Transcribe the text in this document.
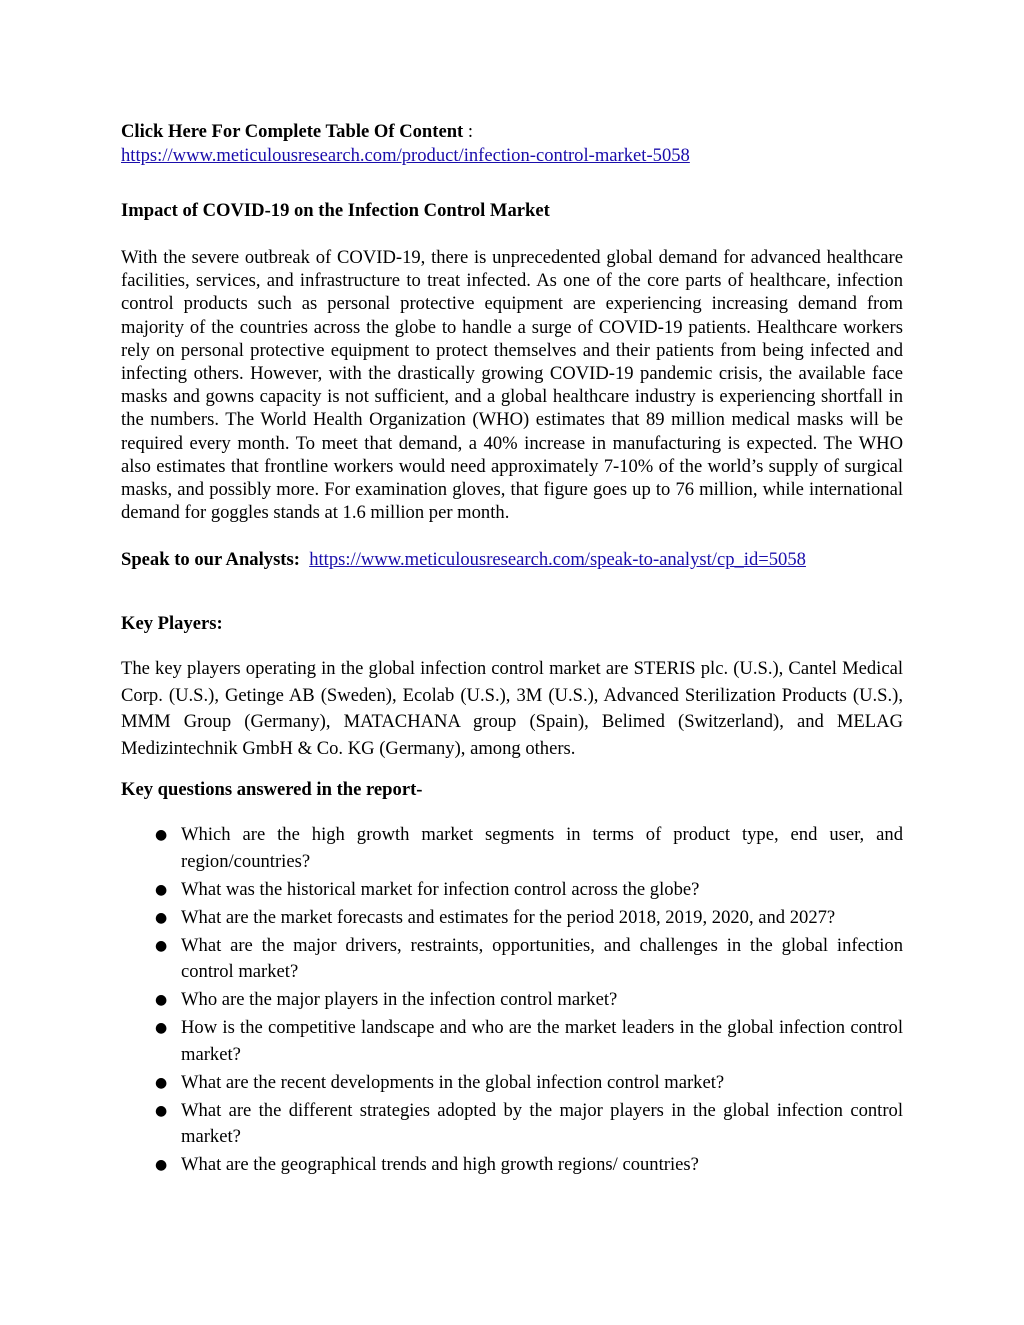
Click Here For Complete Table Of Content :
https://www.meticulousresearch.com/product/infection-control-market-5058
Impact of COVID-19 on the Infection Control Market

With the severe outbreak of COVID-19, there is unprecedented global demand for advanced healthcare facilities, services, and infrastructure to treat infected. As one of the core parts of healthcare, infection control products such as personal protective equipment are experiencing increasing demand from majority of the countries across the globe to handle a surge of COVID-19 patients. Healthcare workers rely on personal protective equipment to protect themselves and their patients from being infected and infecting others. However, with the drastically growing COVID-19 pandemic crisis, the available face masks and gowns capacity is not sufficient, and a global healthcare industry is experiencing shortfall in the numbers. The World Health Organization (WHO) estimates that 89 million medical masks will be required every month. To meet that demand, a 40% increase in manufacturing is expected. The WHO also estimates that frontline workers would need approximately 7-10% of the world’s supply of surgical masks, and possibly more. For examination gloves, that figure goes up to 76 million, while international demand for goggles stands at 1.6 million per month.

Speak to our Analysts: https://www.meticulousresearch.com/speak-to-analyst/cp_id=5058
Key Players:

The key players operating in the global infection control market are STERIS plc. (U.S.), Cantel Medical Corp. (U.S.), Getinge AB (Sweden), Ecolab (U.S.), 3M (U.S.), Advanced Sterilization Products (U.S.), MMM Group (Germany), MATACHANA group (Spain), Belimed (Switzerland), and MELAG Medizintechnik GmbH & Co. KG (Germany), among others.

Key questions answered in the report-
● Which are the high growth market segments in terms of product type, end user, and region/countries?
● What was the historical market for infection control across the globe?
● What are the market forecasts and estimates for the period 2018, 2019, 2020, and 2027?
● What are the major drivers, restraints, opportunities, and challenges in the global infection control market?
● Who are the major players in the infection control market?
● How is the competitive landscape and who are the market leaders in the global infection control market?
● What are the recent developments in the global infection control market?
● What are the different strategies adopted by the major players in the global infection control market?
● What are the geographical trends and high growth regions/ countries?
